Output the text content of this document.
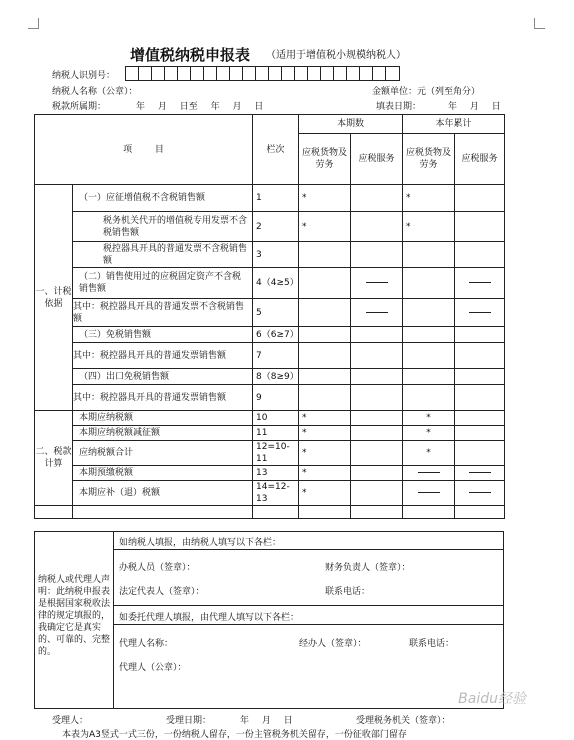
增值税纳税申报表 （适用于增值税小规模纳税人）
纳税人识别号：
纳税人名称（公章）：	金额单位：元（列至角分）
税款所属期：	年 月 日至 年 月 日	填表日期：	年 月 日
项 目		栏次	本期数		本年累计	
			应税货物及劳务	应税服务	应税货物及劳务	应税服务
一、计税依据	（一）应征增值税不含税销售额	1	*		*	
	税务机关代开的增值税专用发票不含税销售额	2	*		*	
	税控器具开具的普通发票不含税销售额	3				
	（二）销售使用过的应税固定资产不含税销售额	4（4≥5）				
	其中：税控器具开具的普通发票不含税销售额	5				
	（三）免税销售额	6（6≥7）				
	其中：税控器具开具的普通发票销售额	7				
	（四）出口免税销售额	8（8≥9）				
	其中：税控器具开具的普通发票销售额	9				
二、税款计算	本期应纳税额	10	*		*	
	本期应纳税额减征额	11	*		*	
	应纳税额合计	12=10-11	*		*	
	本期预缴税额	13	*			
	本期应补（退）税额	14=12-13	*			

纳税人或代理人声明：此纳税申报表是根据国家税收法律的规定填报的，我确定它是真实的、可靠的、完整的。
如纳税人填报，由纳税人填写以下各栏：
办税人员（签章）：	财务负责人（签章）：
法定代表人（签章）：	联系电话：
如委托代理人填报，由代理人填写以下各栏：
代理人名称：	经办人（签章）：	联系电话：
代理人（公章）：
受理人：	受理日期：	年 月 日	受理税务机关（签章）：
本表为A3竖式一式三份，一份纳税人留存，一份主管税务机关留存，一份征收部门留存
Baidu经验
